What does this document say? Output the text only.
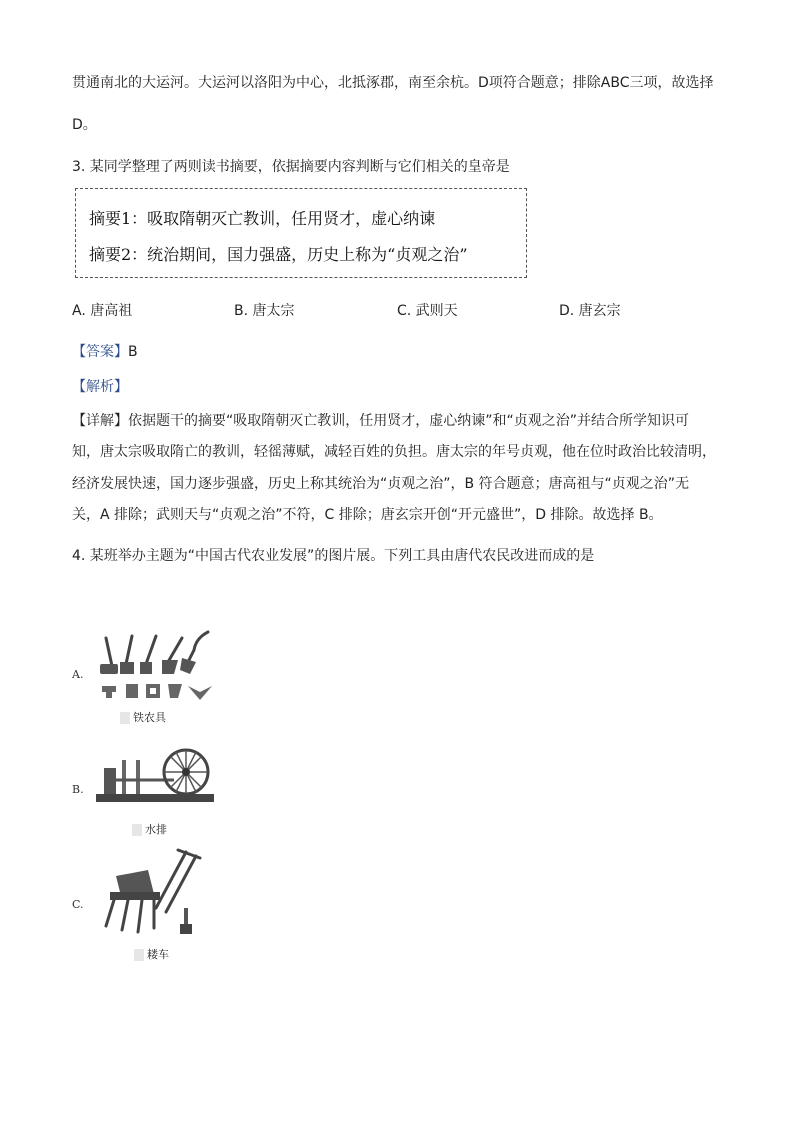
贯通南北的大运河。大运河以洛阳为中心，北抵涿郡，南至余杭。D项符合题意；排除ABC三项，故选择
D。
3. 某同学整理了两则读书摘要，依据摘要内容判断与它们相关的皇帝是
摘要1：吸取隋朝灭亡教训，任用贤才，虚心纳谏
摘要2：统治期间，国力强盛，历史上称为“贞观之治”
A. 唐高祖	B. 唐太宗	C. 武则天	D. 唐玄宗
【答案】B
【解析】
【详解】依据题干的摘要“吸取隋朝灭亡教训，任用贤才，虚心纳谏”和“贞观之治”并结合所学知识可
知，唐太宗吸取隋亡的教训，轻徭薄赋，减轻百姓的负担。唐太宗的年号贞观，他在位时政治比较清明，
经济发展快速，国力逐步强盛，历史上称其统治为“贞观之治”，B 符合题意；唐高祖与“贞观之治”无
关，A 排除；武则天与“贞观之治”不符，C 排除；唐玄宗开创“开元盛世”，D 排除。故选择 B。
4. 某班举办主题为“中国古代农业发展”的图片展。下列工具由唐代农民改进而成的是
A.
铁农具
B.
水排
C.
耧车
